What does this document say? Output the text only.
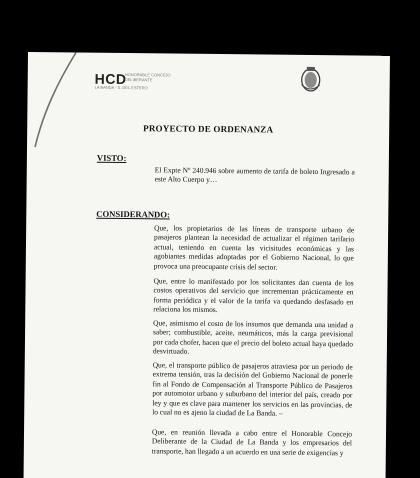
HCD
HONORABLE CONCEJO DELIBERANTE
LA BANDA - S. DEL ESTERO
PROYECTO DE ORDENANZA
VISTO:
El Expte Nº 240.946 sobre aumento de tarifa de boleto Ingresado a este Alto Cuerpo y…
CONSIDERANDO:
Que, los propietarios de las líneas de transporte urbano de pasajeros plantean la necesidad de actualizar el régimen tarifario actual, teniendo en cuenta las vicisitudes económicas y las agobiantes medidas adoptadas por el Gobierno Nacional, lo que provoca una preocupante crisis del sector.
Que, entre lo manifestado por los solicitantes dan cuenta de los costos operativos del servicio que incrementan prácticamente en forma periódica y el valor de la tarifa va quedando desfasado en relaciona los mismos.
Que, asimismo el costo de los insumos que demanda una unidad a saber; combustible, aceite, neumáticos, más la carga previsional por cada chofer, hacen que el precio del boleto actual haya quedado desvirtuado.
Que, el transporte público de pasajeros atraviesa por un periodo de extrema tensión, tras la decisión del Gobierno Nacional de ponerle fin al Fondo de Compensación al Transporte Público de Pasajeros por automotor urbano y suburbano del interior del país, creado por ley y que es clave para mantener los servicios en las provincias, de lo cual no es ajeno la ciudad de La Banda. –
Que, en reunión llevada a cabo entre el Honorable Concejo Deliberante de la Ciudad de La Banda y los empresarios del transporte, han llegado a un acuerdo en una serie de exigencias y
